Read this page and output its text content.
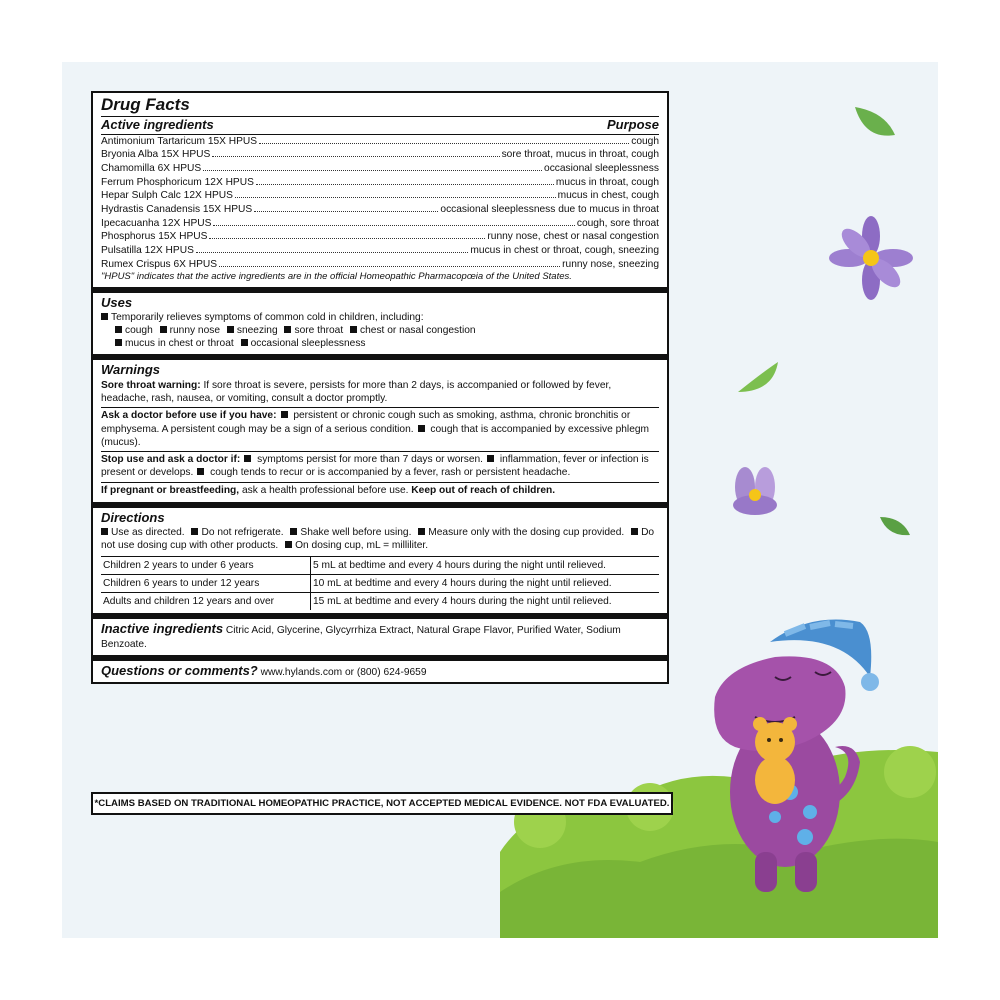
Drug Facts
Active ingredients	Purpose
Antimonium Tartaricum 15X HPUS	cough
Bryonia Alba 15X HPUS	sore throat, mucus in throat, cough
Chamomilla 6X HPUS	occasional sleeplessness
Ferrum Phosphoricum 12X HPUS	mucus in throat, cough
Hepar Sulph Calc 12X HPUS	mucus in chest, cough
Hydrastis Canadensis 15X HPUS	occasional sleeplessness due to mucus in throat
Ipecacuanha 12X HPUS	cough, sore throat
Phosphorus 15X HPUS	runny nose, chest or nasal congestion
Pulsatilla 12X HPUS	mucus in chest or throat, cough, sneezing
Rumex Crispus 6X HPUS	runny nose, sneezing
"HPUS" indicates that the active ingredients are in the official Homeopathic Pharmacopœia of the United States.
Uses
Temporarily relieves symptoms of common cold in children, including:
cough runny nose sneezing sore throat chest or nasal congestion
mucus in chest or throat occasional sleeplessness
Warnings
Sore throat warning: If sore throat is severe, persists for more than 2 days, is accompanied or followed by fever, headache, rash, nausea, or vomiting, consult a doctor promptly.
Ask a doctor before use if you have: persistent or chronic cough such as smoking, asthma, chronic bronchitis or emphysema. A persistent cough may be a sign of a serious condition. cough that is accompanied by excessive phlegm (mucus).
Stop use and ask a doctor if: symptoms persist for more than 7 days or worsen. inflammation, fever or infection is present or develops. cough tends to recur or is accompanied by a fever, rash or persistent headache.
If pregnant or breastfeeding, ask a health professional before use. Keep out of reach of children.
Directions
Use as directed. Do not refrigerate. Shake well before using. Measure only with the dosing cup provided. Do not use dosing cup with other products. On dosing cup, mL = milliliter.
Children 2 years to under 6 years	5 mL at bedtime and every 4 hours during the night until relieved.
Children 6 years to under 12 years	10 mL at bedtime and every 4 hours during the night until relieved.
Adults and children 12 years and over	15 mL at bedtime and every 4 hours during the night until relieved.
Inactive ingredients Citric Acid, Glycerine, Glycyrrhiza Extract, Natural Grape Flavor, Purified Water, Sodium Benzoate.
Questions or comments? www.hylands.com or (800) 624-9659
*CLAIMS BASED ON TRADITIONAL HOMEOPATHIC PRACTICE, NOT ACCEPTED MEDICAL EVIDENCE. NOT FDA EVALUATED.
